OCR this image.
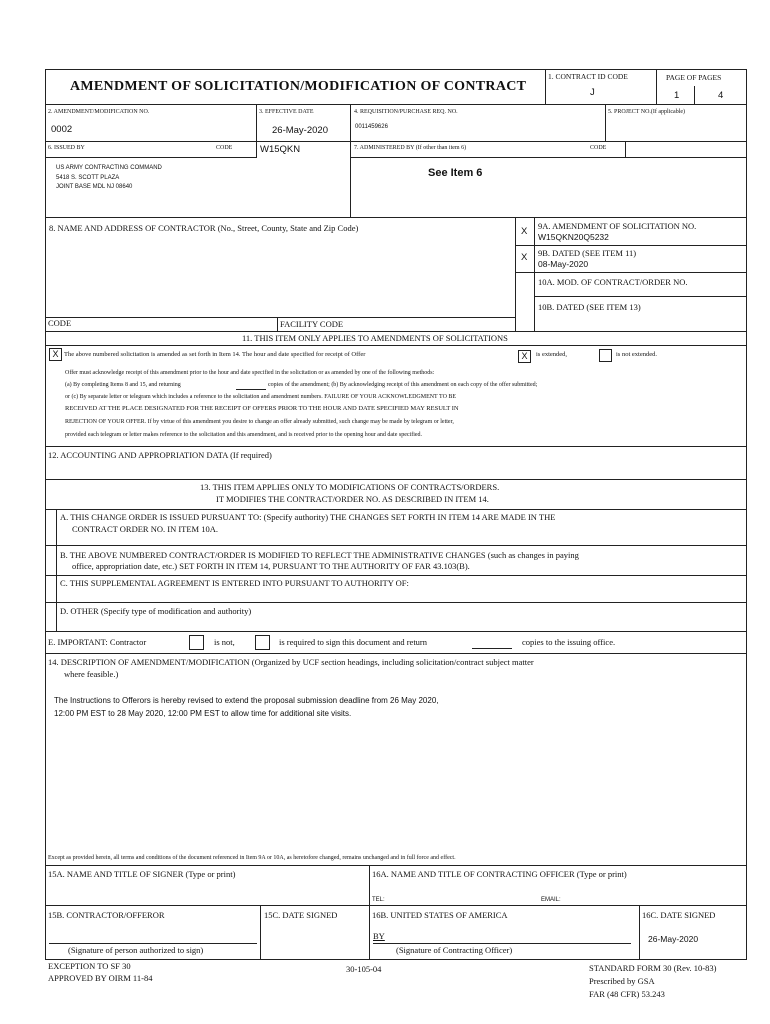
AMENDMENT OF SOLICITATION/MODIFICATION OF CONTRACT
1. CONTRACT ID CODE
J
PAGE OF PAGES
1	4
2. AMENDMENT/MODIFICATION NO.
0002
3. EFFECTIVE DATE
26-May-2020
4. REQUISITION/PURCHASE REQ. NO.
0011459626
5. PROJECT NO.(If applicable)
6. ISSUED BY	CODE	W15QKN	7. ADMINISTERED BY (If other than item 6)	CODE
US ARMY CONTRACTING COMMAND
5418 S. SCOTT PLAZA
JOINT BASE MDL NJ 08640
See Item 6
8. NAME AND ADDRESS OF CONTRACTOR (No., Street, County, State and Zip Code)	X 9A. AMENDMENT OF SOLICITATION NO.
W15QKN20Q5232
X 9B. DATED (SEE ITEM 11)
08-May-2020
10A. MOD. OF CONTRACT/ORDER NO.
10B. DATED (SEE ITEM 13)
CODE	FACILITY CODE
11. THIS ITEM ONLY APPLIES TO AMENDMENTS OF SOLICITATIONS
X The above numbered solicitation is amended as set forth in Item 14. The hour and date specified for receipt of Offer	X	is extended,	is not extended.
Offer must acknowledge receipt of this amendment prior to the hour and date specified in the solicitation or as amended by one of the following methods:
(a) By completing Items 8 and 15, and returning	copies of the amendment; (b) By acknowledging receipt of this amendment on each copy of the offer submitted;
or (c) By separate letter or telegram which includes a reference to the solicitation and amendment numbers. FAILURE OF YOUR ACKNOWLEDGMENT TO BE
RECEIVED AT THE PLACE DESIGNATED FOR THE RECEIPT OF OFFERS PRIOR TO THE HOUR AND DATE SPECIFIED MAY RESULT IN
REJECTION OF YOUR OFFER. If by virtue of this amendment you desire to change an offer already submitted, such change may be made by telegram or letter,
provided each telegram or letter makes reference to the solicitation and this amendment, and is received prior to the opening hour and date specified.
12. ACCOUNTING AND APPROPRIATION DATA (If required)
13. THIS ITEM APPLIES ONLY TO MODIFICATIONS OF CONTRACTS/ORDERS.
IT MODIFIES THE CONTRACT/ORDER NO. AS DESCRIBED IN ITEM 14.
A. THIS CHANGE ORDER IS ISSUED PURSUANT TO: (Specify authority) THE CHANGES SET FORTH IN ITEM 14 ARE MADE IN THE
CONTRACT ORDER NO. IN ITEM 10A.
B. THE ABOVE NUMBERED CONTRACT/ORDER IS MODIFIED TO REFLECT THE ADMINISTRATIVE CHANGES (such as changes in paying
office, appropriation date, etc.) SET FORTH IN ITEM 14, PURSUANT TO THE AUTHORITY OF FAR 43.103(B).
C. THIS SUPPLEMENTAL AGREEMENT IS ENTERED INTO PURSUANT TO AUTHORITY OF:
D. OTHER (Specify type of modification and authority)
E. IMPORTANT: Contractor	is not,	is required to sign this document and return	copies to the issuing office.
14. DESCRIPTION OF AMENDMENT/MODIFICATION (Organized by UCF section headings, including solicitation/contract subject matter
where feasible.)
The Instructions to Offerors is hereby revised to extend the proposal submission deadline from 26 May 2020,
12:00 PM EST to 28 May 2020, 12:00 PM EST to allow time for additional site visits.
Except as provided herein, all terms and conditions of the document referenced in Item 9A or 10A, as heretofore changed, remains unchanged and in full force and effect.
15A. NAME AND TITLE OF SIGNER (Type or print)	16A. NAME AND TITLE OF CONTRACTING OFFICER (Type or print)
TEL:	EMAIL:
15B. CONTRACTOR/OFFEROR	15C. DATE SIGNED	16B. UNITED STATES OF AMERICA	16C. DATE SIGNED
BY
(Signature of person authorized to sign)	(Signature of Contracting Officer)
26-May-2020
EXCEPTION TO SF 30
APPROVED BY OIRM 11-84
30-105-04	STANDARD FORM 30 (Rev. 10-83)
Prescribed by GSA
FAR (48 CFR) 53.243
